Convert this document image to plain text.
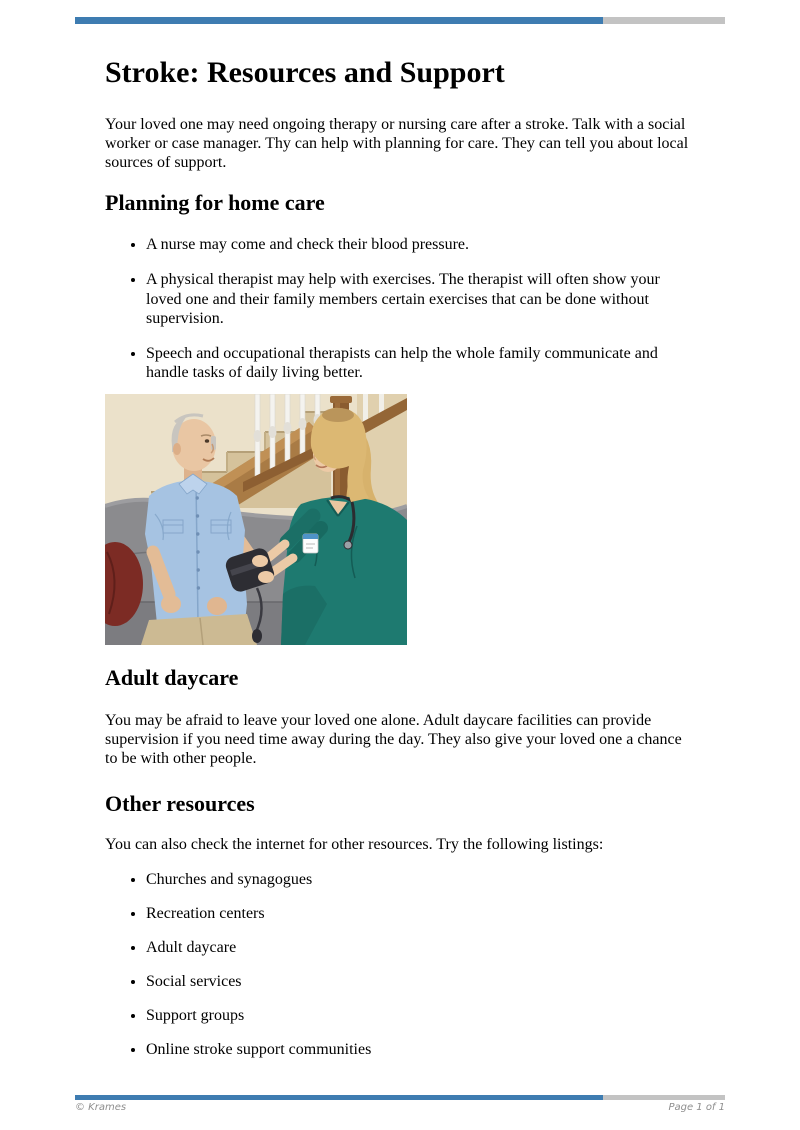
Stroke: Resources and Support

Your loved one may need ongoing therapy or nursing care after a stroke. Talk with a social worker or case manager. Thy can help with planning for care. They can tell you about local sources of support.

Planning for home care
• A nurse may come and check their blood pressure.
• A physical therapist may help with exercises. The therapist will often show your loved one and their family members certain exercises that can be done without supervision.
• Speech and occupational therapists can help the whole family communicate and handle tasks of daily living better.
Adult daycare

You may be afraid to leave your loved one alone. Adult daycare facilities can provide supervision if you need time away during the day. They also give your loved one a chance to be with other people.

Other resources

You can also check the internet for other resources. Try the following listings:

• Churches and synagogues
• Recreation centers
• Adult daycare
• Social services
• Support groups
• Online stroke support communities
© Krames	Page 1 of 1
